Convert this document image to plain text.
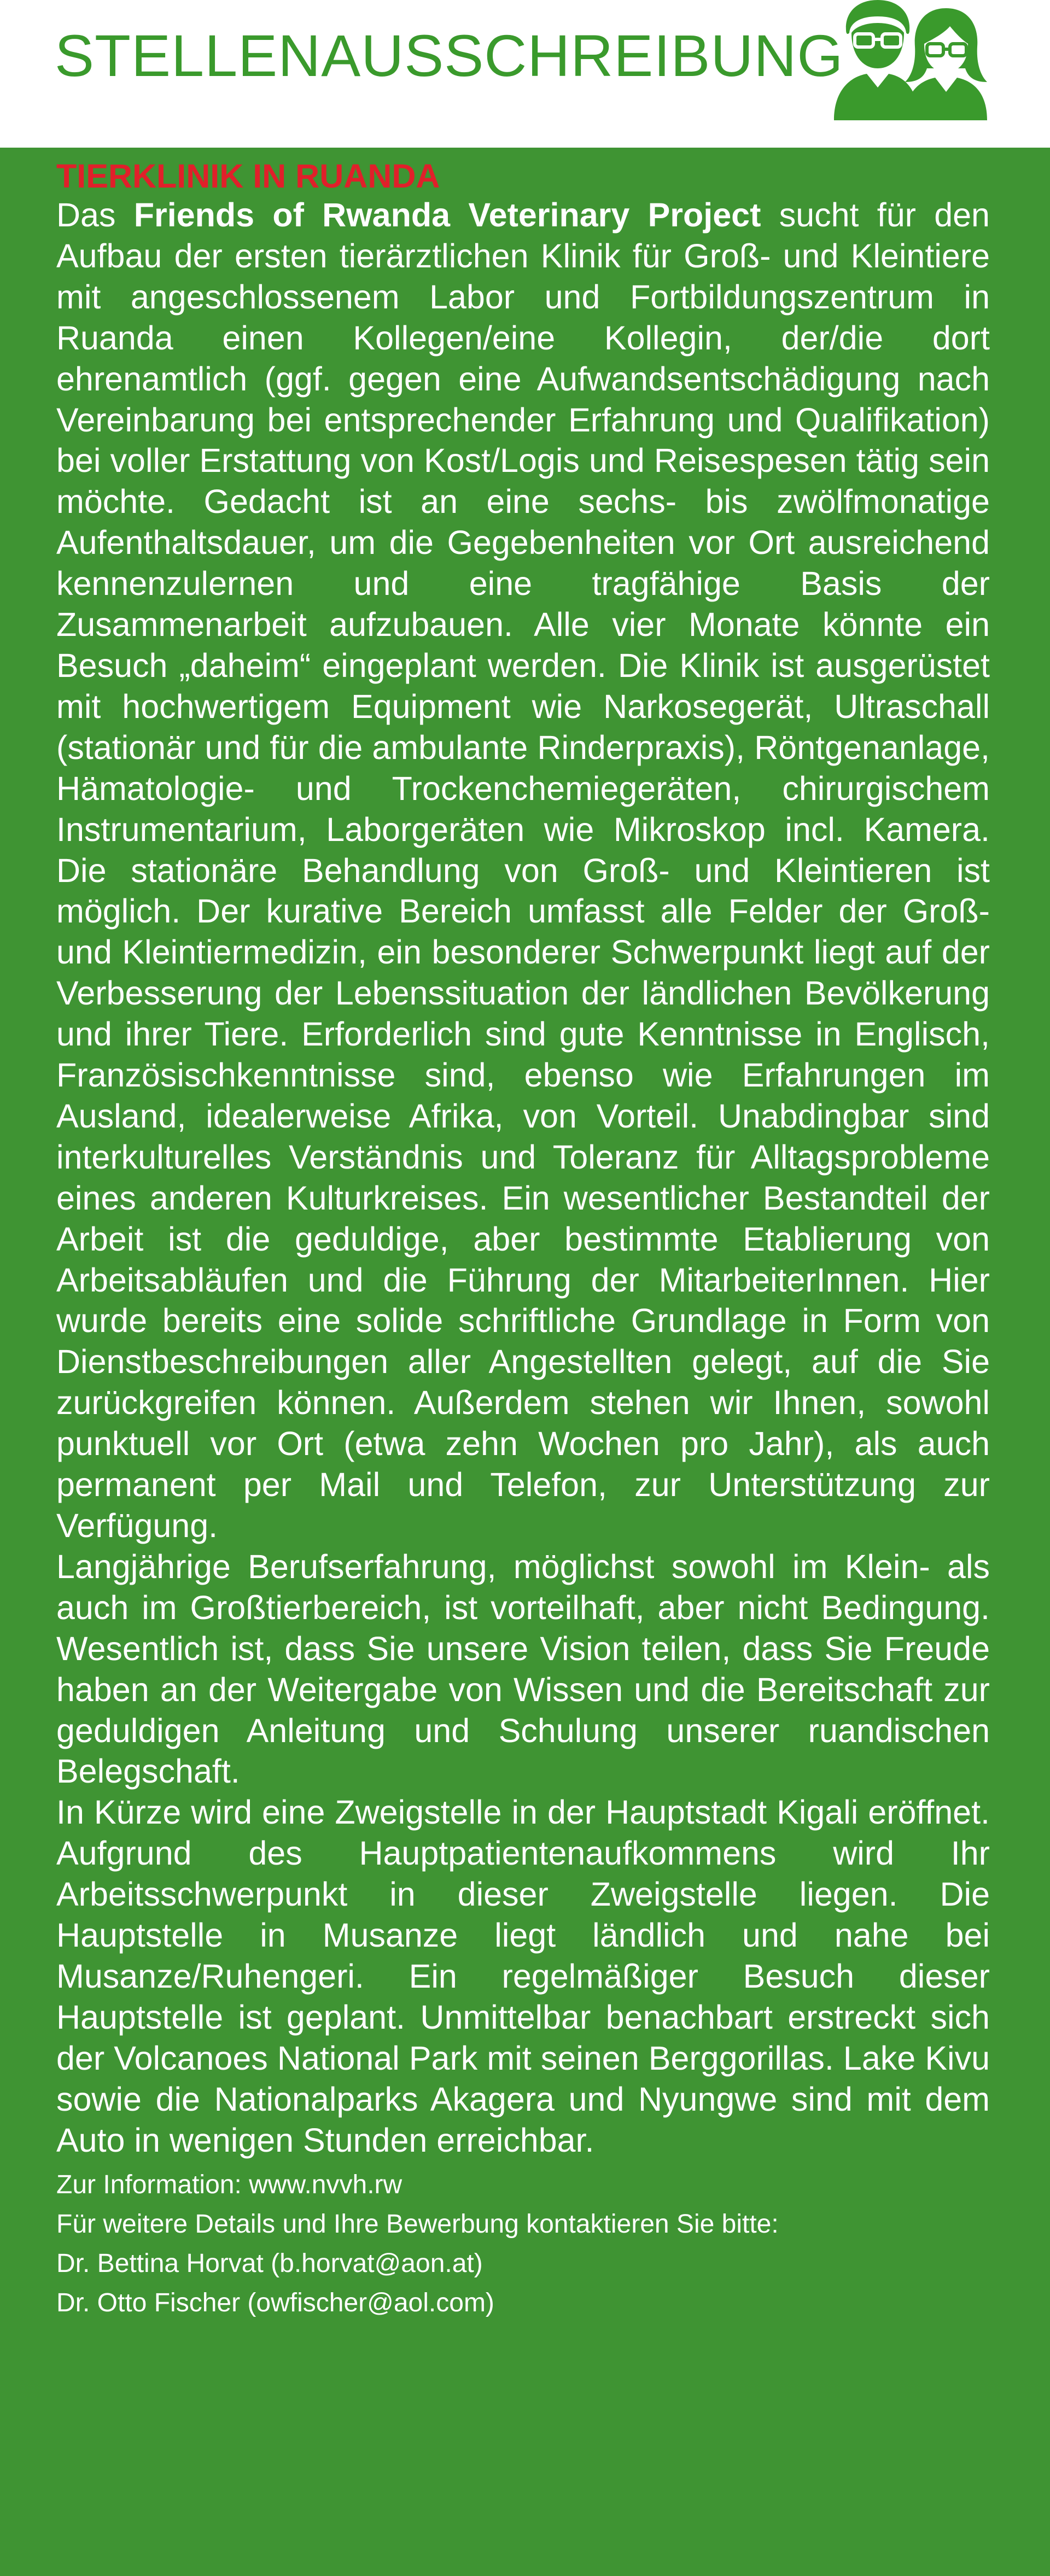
STELLENAUSSCHREIBUNG
TIERKLINIK IN RUANDA

Das Friends of Rwanda Veterinary Project sucht für den Aufbau der ersten tierärztlichen Klinik für Groß- und Kleintiere mit angeschlossenem Labor und Fortbildungszentrum in Ruanda einen Kollegen/eine Kollegin, der/die dort ehrenamtlich (ggf. gegen eine Aufwandsentschädigung nach Vereinbarung bei entsprechender Erfahrung und Qualifikation) bei voller Erstattung von Kost/Logis und Reisespesen tätig sein möchte. Gedacht ist an eine sechs- bis zwölfmonatige Aufenthaltsdauer, um die Gegebenheiten vor Ort ausreichend kennenzulernen und eine tragfähige Basis der Zusammenarbeit aufzubauen. Alle vier Monate könnte ein Besuch „daheim“ eingeplant werden. Die Klinik ist ausgerüstet mit hochwertigem Equipment wie Narkosegerät, Ultraschall (stationär und für die ambulante Rinderpraxis), Röntgenanlage, Hämatologie- und Trockenchemiegeräten, chirurgischem Instrumentarium, Laborgeräten wie Mikroskop incl. Kamera. Die stationäre Behandlung von Groß- und Kleintieren ist möglich. Der kurative Bereich umfasst alle Felder der Groß- und Kleintiermedizin, ein besonderer Schwerpunkt liegt auf der Verbesserung der Lebenssituation der ländlichen Bevölkerung und ihrer Tiere. Erforderlich sind gute Kenntnisse in Englisch, Französischkenntnisse sind, ebenso wie Erfahrungen im Ausland, idealerweise Afrika, von Vorteil. Unabdingbar sind interkulturelles Verständnis und Toleranz für Alltagsprobleme eines anderen Kulturkreises. Ein wesentlicher Bestandteil der Arbeit ist die geduldige, aber bestimmte Etablierung von Arbeitsabläufen und die Führung der MitarbeiterInnen. Hier wurde bereits eine solide schriftliche Grundlage in Form von Dienstbeschreibungen aller Angestellten gelegt, auf die Sie zurückgreifen können. Außerdem stehen wir Ihnen, sowohl punktuell vor Ort (etwa zehn Wochen pro Jahr), als auch permanent per Mail und Telefon, zur Unterstützung zur Verfügung.

Langjährige Berufserfahrung, möglichst sowohl im Klein- als auch im Großtierbereich, ist vorteilhaft, aber nicht Bedingung. Wesentlich ist, dass Sie unsere Vision teilen, dass Sie Freude haben an der Weitergabe von Wissen und die Bereitschaft zur geduldigen Anleitung und Schulung unserer ruandischen Belegschaft.

In Kürze wird eine Zweigstelle in der Hauptstadt Kigali eröffnet. Aufgrund des Hauptpatientenaufkommens wird Ihr Arbeitsschwerpunkt in dieser Zweigstelle liegen. Die Hauptstelle in Musanze liegt ländlich und nahe bei Musanze/Ruhengeri. Ein regelmäßiger Besuch dieser Hauptstelle ist geplant. Unmittelbar benachbart erstreckt sich der Volcanoes National Park mit seinen Berggorillas. Lake Kivu sowie die Nationalparks Akagera und Nyungwe sind mit dem Auto in wenigen Stunden erreichbar.

Zur Information: www.nvvh.rw
Für weitere Details und Ihre Bewerbung kontaktieren Sie bitte:
Dr. Bettina Horvat (b.horvat@aon.at)
Dr. Otto Fischer (owfischer@aol.com)
